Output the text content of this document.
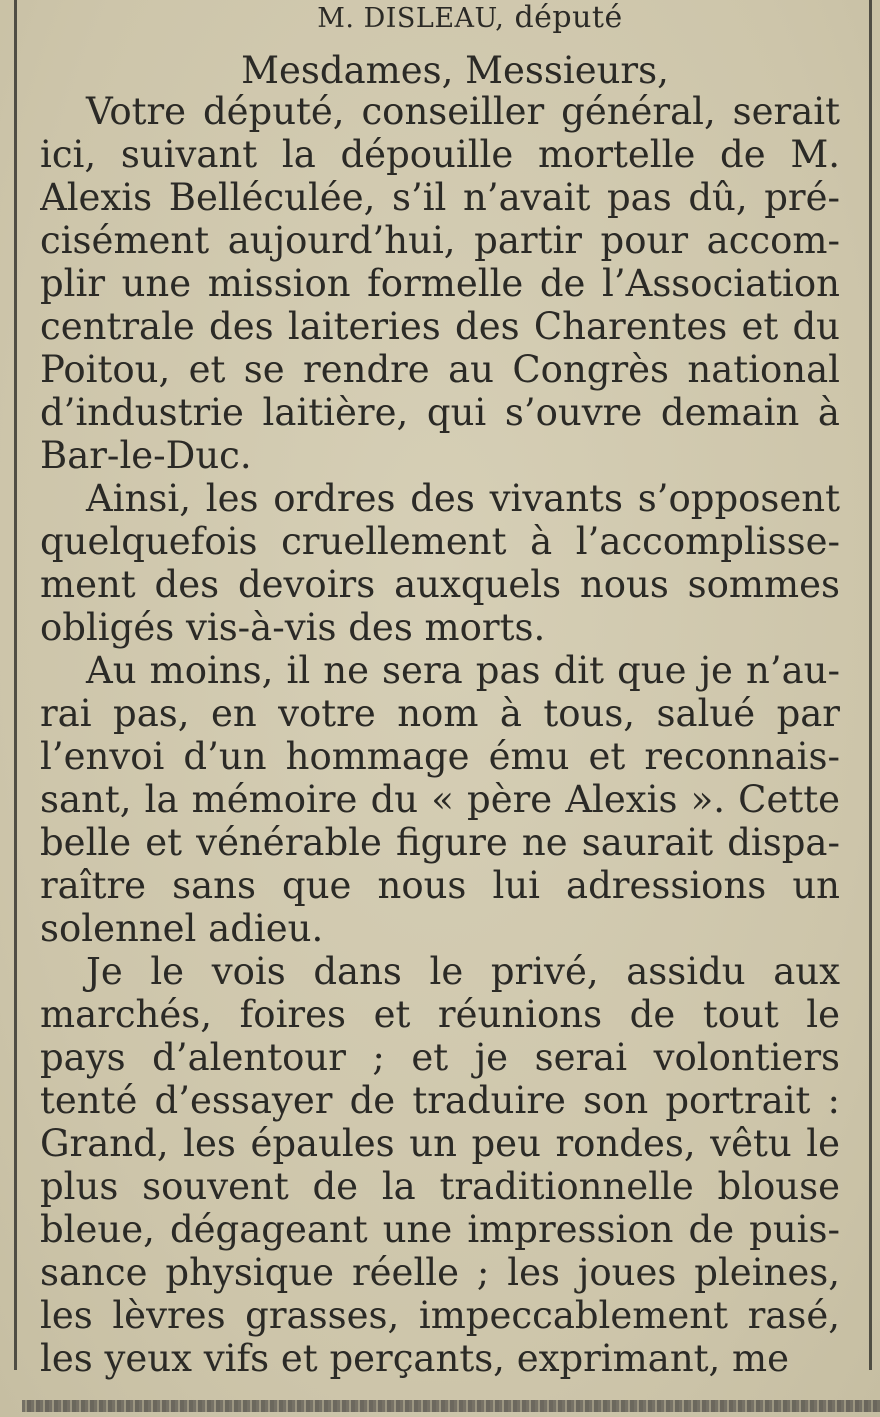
M. DISLEAU, député
Mesdames, Messieurs,
Votre député, conseiller général, serait
ici, suivant la dépouille mortelle de M.
Alexis Belléculée, s’il n’avait pas dû, pré-
cisément aujourd’hui, partir pour accom-
plir une mission formelle de l’Association
centrale des laiteries des Charentes et du
Poitou, et se rendre au Congrès national
d’industrie laitière, qui s’ouvre demain à
Bar-le-Duc.
Ainsi, les ordres des vivants s’opposent
quelquefois cruellement à l’accomplisse-
ment des devoirs auxquels nous sommes
obligés vis-à-vis des morts.
Au moins, il ne sera pas dit que je n’au-
rai pas, en votre nom à tous, salué par
l’envoi d’un hommage ému et reconnais-
sant, la mémoire du « père Alexis ». Cette
belle et vénérable figure ne saurait dispa-
raître sans que nous lui adressions un
solennel adieu.
Je le vois dans le privé, assidu aux
marchés, foires et réunions de tout le
pays d’alentour ; et je serai volontiers
tenté d’essayer de traduire son portrait :
Grand, les épaules un peu rondes, vêtu le
plus souvent de la traditionnelle blouse
bleue, dégageant une impression de puis-
sance physique réelle ; les joues pleines,
les lèvres grasses, impeccablement rasé,
les yeux vifs et perçants, exprimant, me
